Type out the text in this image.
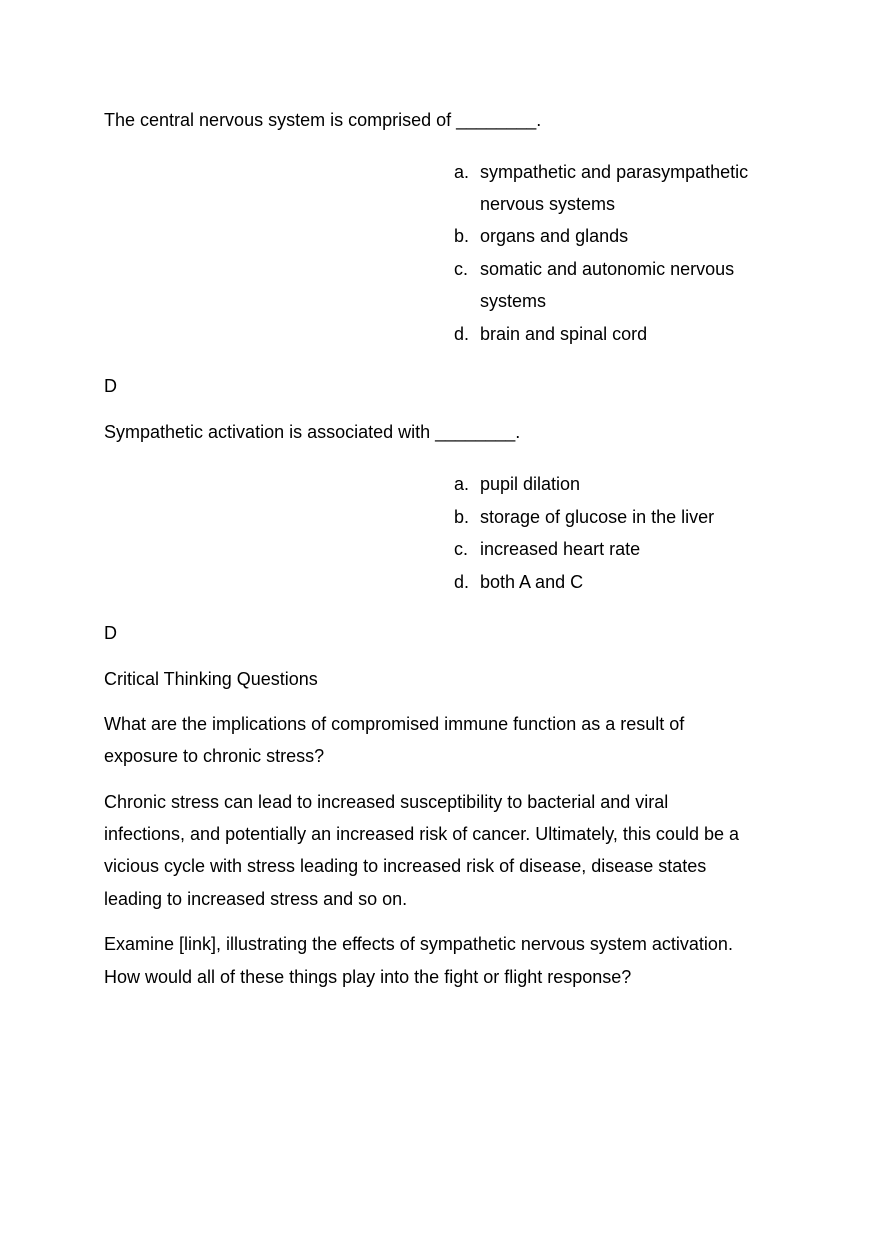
The central nervous system is comprised of ________.
a. sympathetic and parasympathetic
nervous systems
b. organs and glands
c. somatic and autonomic nervous
systems
d. brain and spinal cord
D
Sympathetic activation is associated with ________.
a. pupil dilation
b. storage of glucose in the liver
c. increased heart rate
d. both A and C
D
Critical Thinking Questions
What are the implications of compromised immune function as a result of
exposure to chronic stress?
Chronic stress can lead to increased susceptibility to bacterial and viral
infections, and potentially an increased risk of cancer. Ultimately, this could be a
vicious cycle with stress leading to increased risk of disease, disease states
leading to increased stress and so on.
Examine [link], illustrating the effects of sympathetic nervous system activation.
How would all of these things play into the fight or flight response?
